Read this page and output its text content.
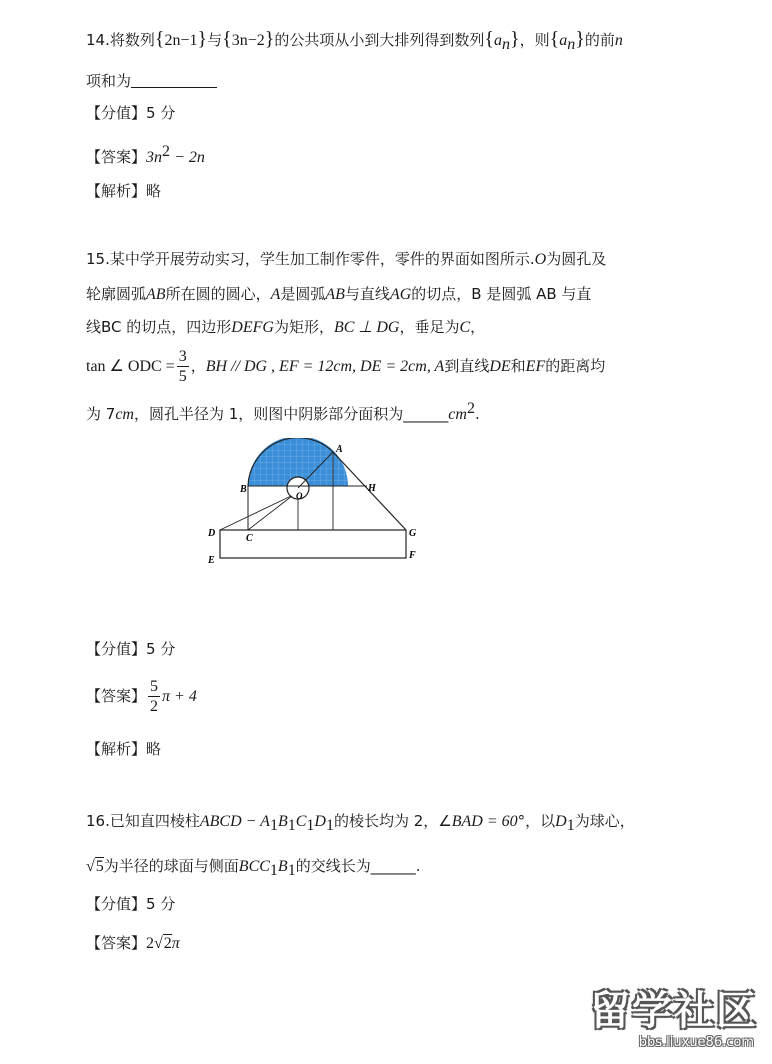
14.将数列{2n−1}与{3n−2}的公共项从小到大排列得到数列$\{a_n\}$，则$\{a_n\}$的前n
项和为
【分值】5 分
【答案】$3n^2 - 2n$
【解析】略
15.某中学开展劳动实习，学生加工制作零件，零件的界面如图所示.O为圆孔及
轮廓圆弧AB所在圆的圆心，A是圆弧AB与直线AG的切点，B 是圆弧 AB 与直
线BC 的切点，四边形DEFG为矩形，BC ⊥ DG，垂足为C，
tan ∠ ODC = $\frac{3}{5}$ ，BH // DG , EF = 12cm, DE = 2cm, A到直线DE和EF的距离均
为 7cm，圆孔半径为 1，则图中阴影部分面积为$\_\_\_\_\_\_cm^2$.
A
B	H
O
C
D
E
G
F
【分值】5 分
【答案】 $\frac{5}{2}$ π + 4
【解析】略
16.已知直四棱柱ABCD − $A_1B_1C_1D_1$的棱长均为 2，∠BAD = 60°，以$D_1$为球心，
√5为半径的球面与侧面$BCC_1B_1$的交线长为______.
【分值】5 分
【答案】2√2π
留学社区
bbs.liuxue86.com
